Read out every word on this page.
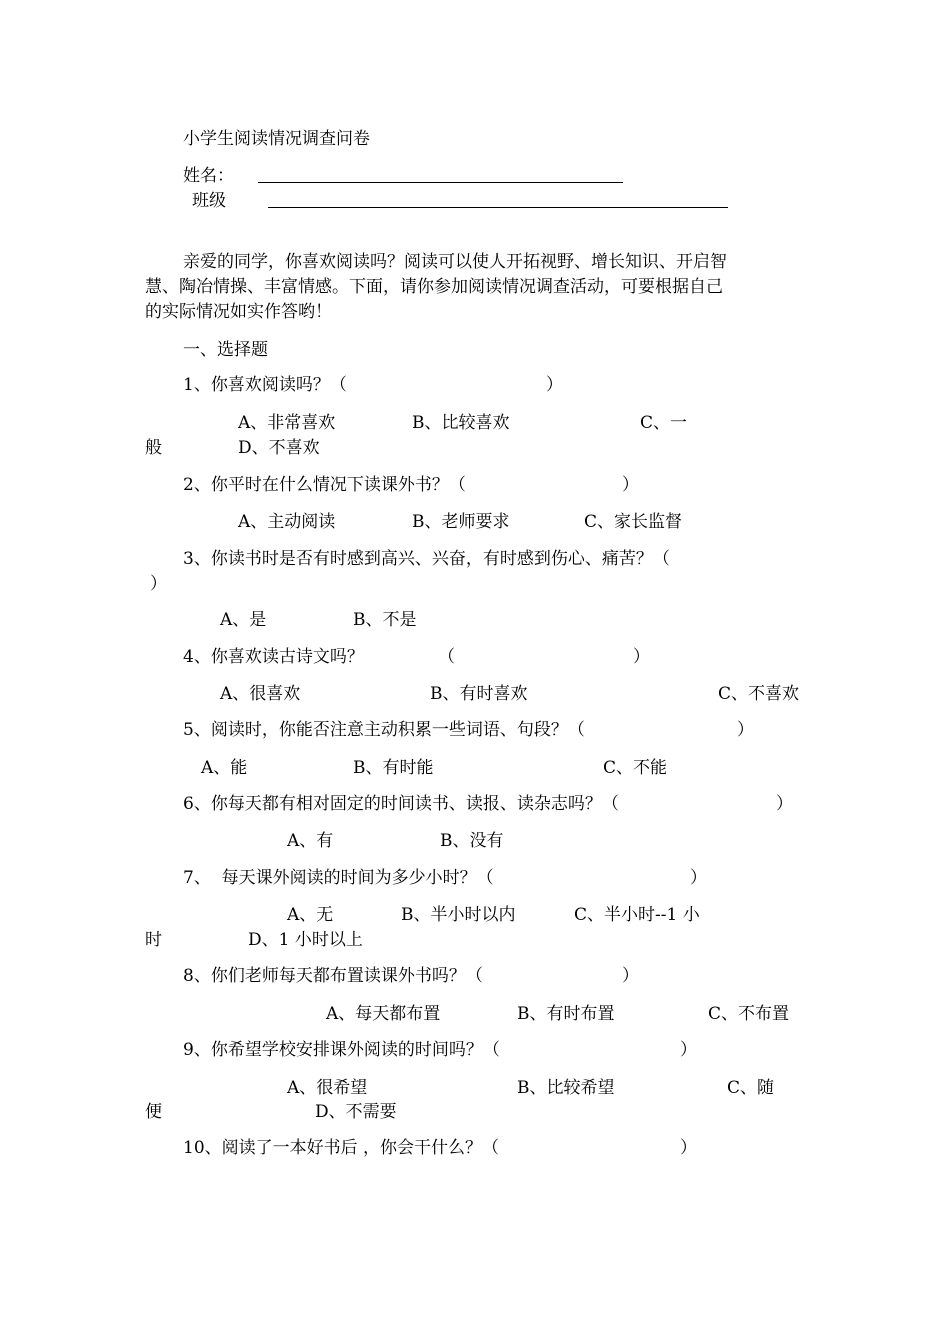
小学生阅读情况调查问卷
姓名：
班级
亲爱的同学，你喜欢阅读吗？阅读可以使人开拓视野、增长知识、开启智
慧、陶冶情操、丰富情感。下面，请你参加阅读情况调查活动，可要根据自己
的实际情况如实作答哟！
一、选择题
1、你喜欢阅读吗？（	）
A、非常喜欢	B、比较喜欢	C、一
般	D、不喜欢
2、你平时在什么情况下读课外书？（	）
A、主动阅读	B、老师要求	C、家长监督
3、你读书时是否有时感到高兴、兴奋，有时感到伤心、痛苦？（
）
A、是	B、不是
4、你喜欢读古诗文吗？	（	）
A、很喜欢	B、有时喜欢	C、不喜欢
5、阅读时，你能否注意主动积累一些词语、句段？（	）
A、能	B、有时能	C、不能
6、你每天都有相对固定的时间读书、读报、读杂志吗？（	）
A、有	B、没有
7、  每天课外阅读的时间为多少小时？（	）
A、无	B、半小时以内	C、半小时--1 小
时	D、1 小时以上
8、你们老师每天都布置读课外书吗？（	）
A、每天都布置	B、有时布置	C、不布置
9、你希望学校安排课外阅读的时间吗？（	）
A、很希望	B、比较希望	C、随
便	D、不需要
10、阅读了一本好书后 ，你会干什么？（	）
